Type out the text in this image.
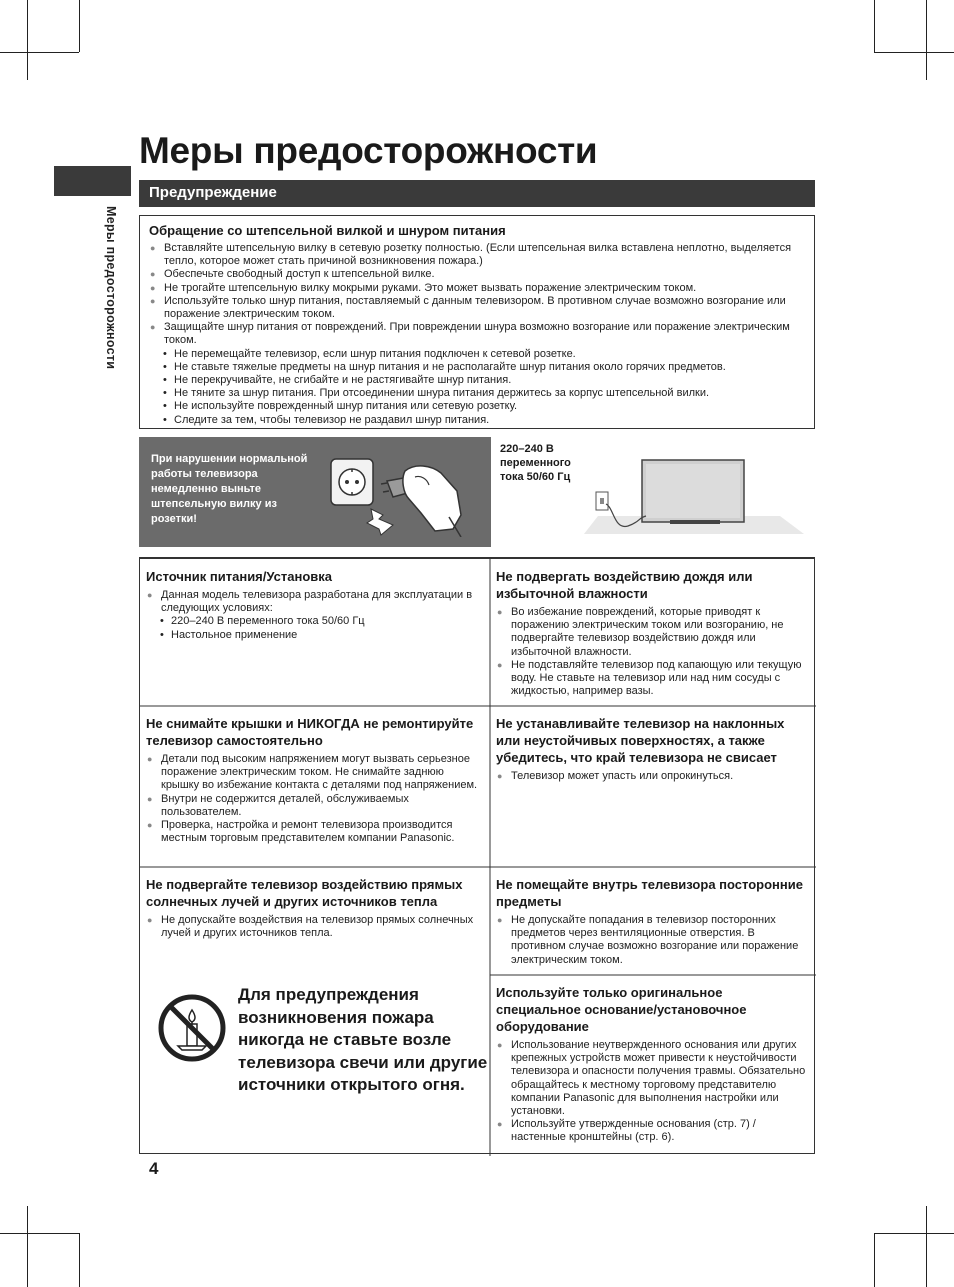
Меры предосторожности
Меры предосторожности
Предупреждение
Обращение со штепсельной вилкой и шнуром питания
● Вставляйте штепсельную вилку в сетевую розетку полностью. (Если штепсельная вилка вставлена неплотно, выделяется тепло, которое может стать причиной возникновения пожара.)
● Обеспечьте свободный доступ к штепсельной вилке.
● Не трогайте штепсельную вилку мокрыми руками. Это может вызвать поражение электрическим током.
● Используйте только шнур питания, поставляемый с данным телевизором. В противном случае возможно возгорание или поражение электрическим током.
● Защищайте шнур питания от повреждений. При повреждении шнура возможно возгорание или поражение электрическим током.
• Не перемещайте телевизор, если шнур питания подключен к сетевой розетке.
• Не ставьте тяжелые предметы на шнур питания и не располагайте шнур питания около горячих предметов.
• Не перекручивайте, не сгибайте и не растягивайте шнур питания.
• Не тяните за шнур питания. При отсоединении шнура питания держитесь за корпус штепсельной вилки.
• Не используйте поврежденный шнур питания или сетевую розетку.
• Следите за тем, чтобы телевизор не раздавил шнур питания.
При нарушении нормальной работы телевизора немедленно выньте штепсельную вилку из розетки!
220–240 В переменного тока 50/60 Гц
Источник питания/Установка
● Данная модель телевизора разработана для эксплуатации в следующих условиях:
• 220–240 В переменного тока 50/60 Гц
• Настольное применение
Не подвергать воздействию дождя или избыточной влажности
● Во избежание повреждений, которые приводят к поражению электрическим током или возгоранию, не подвергайте телевизор воздействию дождя или избыточной влажности.
● Не подставляйте телевизор под капающую или текущую воду. Не ставьте на телевизор или над ним сосуды с жидкостью, например вазы.
Не снимайте крышки и НИКОГДА не ремонтируйте телевизор самостоятельно
● Детали под высоким напряжением могут вызвать серьезное поражение электрическим током. Не снимайте заднюю крышку во избежание контакта с деталями под напряжением.
● Внутри не содержится деталей, обслуживаемых пользователем.
● Проверка, настройка и ремонт телевизора производится местным торговым представителем компании Panasonic.
Не устанавливайте телевизор на наклонных или неустойчивых поверхностях, а также убедитесь, что край телевизора не свисает
● Телевизор может упасть или опрокинуться.
Не подвергайте телевизор воздействию прямых солнечных лучей и других источников тепла
● Не допускайте воздействия на телевизор прямых солнечных лучей и других источников тепла.
Для предупреждения возникновения пожара никогда не ставьте возле телевизора свечи или другие источники открытого огня.
Не помещайте внутрь телевизора посторонние предметы
● Не допускайте попадания в телевизор посторонних предметов через вентиляционные отверстия. В противном случае возможно возгорание или поражение электрическим током.
Используйте только оригинальное специальное основание/установочное оборудование
● Использование неутвержденного основания или других крепежных устройств может привести к неустойчивости телевизора и опасности получения травмы. Обязательно обращайтесь к местному торговому представителю компании Panasonic для выполнения настройки или установки.
● Используйте утвержденные основания (стр. 7) / настенные кронштейны (стр. 6).
4
